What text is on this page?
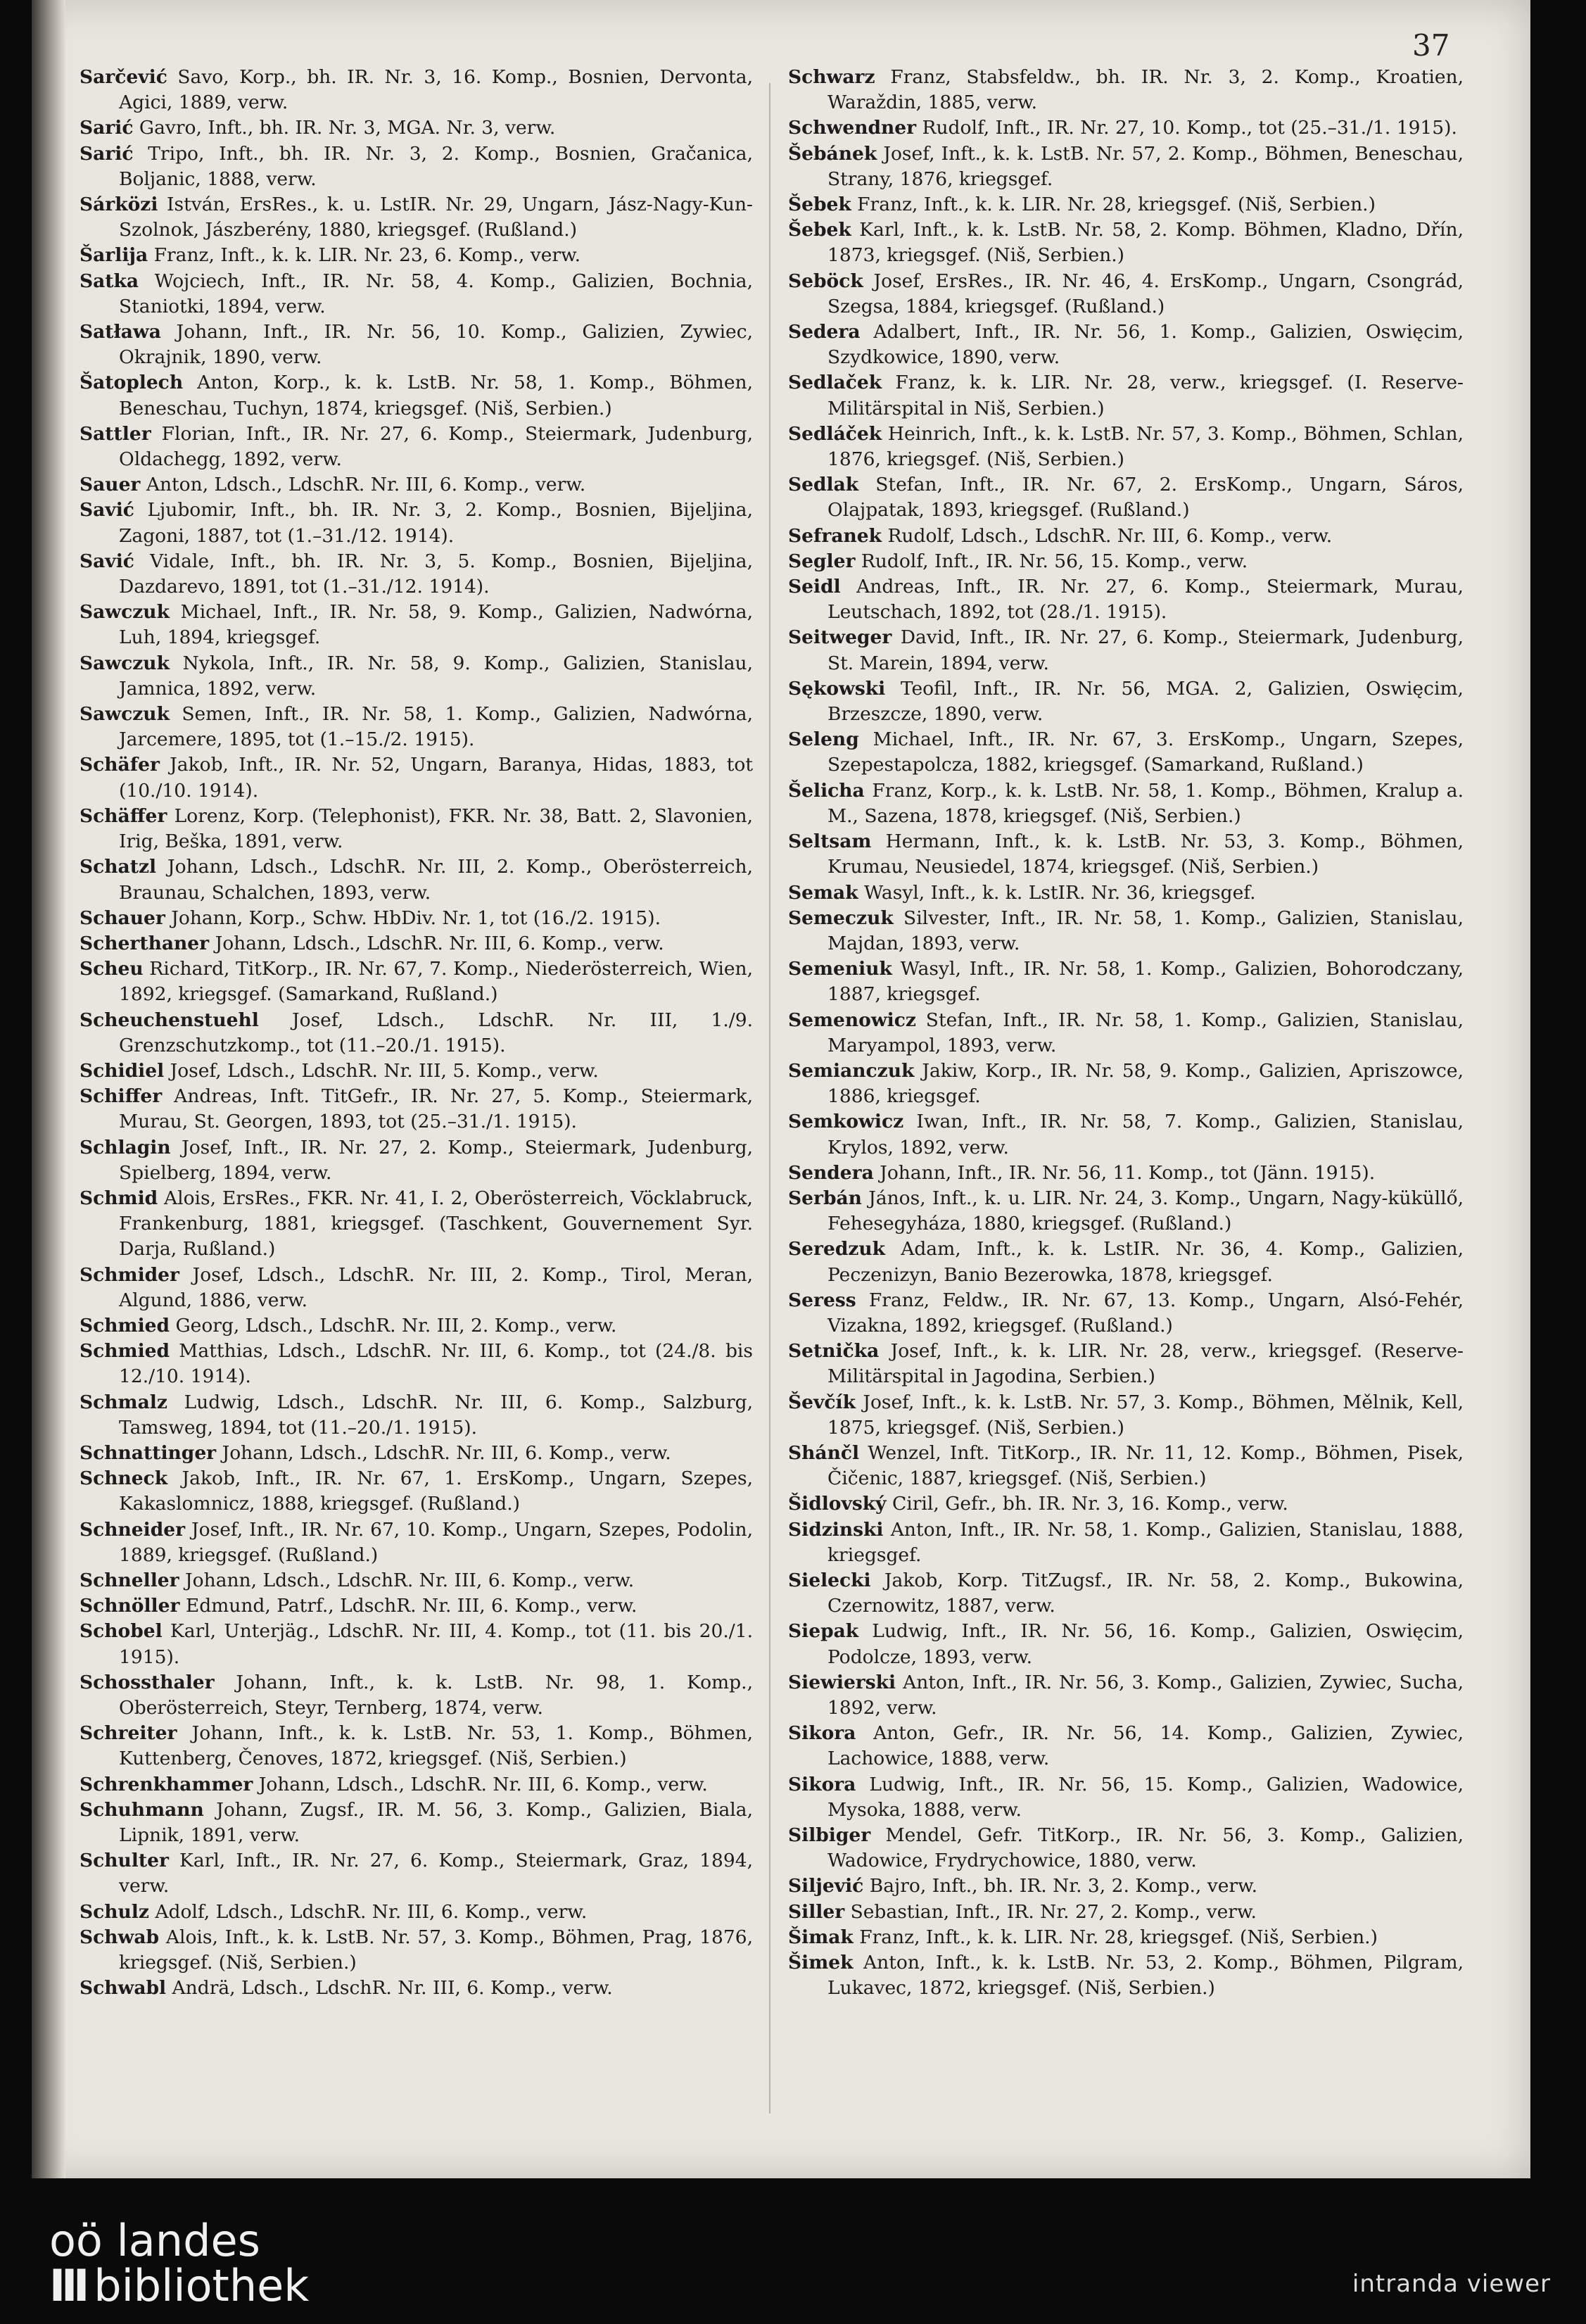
37

Sarčević Savo, Korp., bh. IR. Nr. 3, 16. Komp., Bosnien, Dervonta, Agici, 1889, verw.

Sarić Gavro, Inft., bh. IR. Nr. 3, MGA. Nr. 3, verw.

Sarić Tripo, Inft., bh. IR. Nr. 3, 2. Komp., Bosnien, Gračanica, Boljanic, 1888, verw.

Sárközi István, ErsRes., k. u. LstIR. Nr. 29, Ungarn, Jász-Nagy-Kun-Szolnok, Jászberény, 1880, kriegsgef. (Rußland.)

Šarlija Franz, Inft., k. k. LIR. Nr. 23, 6. Komp., verw.

Satka Wojciech, Inft., IR. Nr. 58, 4. Komp., Galizien, Bochnia, Staniotki, 1894, verw.

Satława Johann, Inft., IR. Nr. 56, 10. Komp., Galizien, Zywiec, Okrajnik, 1890, verw.

Šatoplech Anton, Korp., k. k. LstB. Nr. 58, 1. Komp., Böhmen, Beneschau, Tuchyn, 1874, kriegsgef. (Niš, Serbien.)

Sattler Florian, Inft., IR. Nr. 27, 6. Komp., Steiermark, Judenburg, Oldachegg, 1892, verw.

Sauer Anton, Ldsch., LdschR. Nr. III, 6. Komp., verw.

Savić Ljubomir, Inft., bh. IR. Nr. 3, 2. Komp., Bosnien, Bijeljina, Zagoni, 1887, tot (1.–31./12. 1914).

Savić Vidale, Inft., bh. IR. Nr. 3, 5. Komp., Bosnien, Bijeljina, Dazdarevo, 1891, tot (1.–31./12. 1914).

Sawczuk Michael, Inft., IR. Nr. 58, 9. Komp., Galizien, Nadwórna, Luh, 1894, kriegsgef.

Sawczuk Nykola, Inft., IR. Nr. 58, 9. Komp., Galizien, Stanislau, Jamnica, 1892, verw.

Sawczuk Semen, Inft., IR. Nr. 58, 1. Komp., Galizien, Nadwórna, Jarcemere, 1895, tot (1.–15./2. 1915).

Schäfer Jakob, Inft., IR. Nr. 52, Ungarn, Baranya, Hidas, 1883, tot (10./10. 1914).

Schäffer Lorenz, Korp. (Telephonist), FKR. Nr. 38, Batt. 2, Slavonien, Irig, Beška, 1891, verw.

Schatzl Johann, Ldsch., LdschR. Nr. III, 2. Komp., Oberösterreich, Braunau, Schalchen, 1893, verw.

Schauer Johann, Korp., Schw. HbDiv. Nr. 1, tot (16./2. 1915).

Scherthaner Johann, Ldsch., LdschR. Nr. III, 6. Komp., verw.

Scheu Richard, TitKorp., IR. Nr. 67, 7. Komp., Niederösterreich, Wien, 1892, kriegsgef. (Samarkand, Rußland.)

Scheuchenstuehl Josef, Ldsch., LdschR. Nr. III, 1./9. Grenzschutzkomp., tot (11.–20./1. 1915).

Schidiel Josef, Ldsch., LdschR. Nr. III, 5. Komp., verw.

Schiffer Andreas, Inft. TitGefr., IR. Nr. 27, 5. Komp., Steiermark, Murau, St. Georgen, 1893, tot (25.–31./1. 1915).

Schlagin Josef, Inft., IR. Nr. 27, 2. Komp., Steiermark, Judenburg, Spielberg, 1894, verw.

Schmid Alois, ErsRes., FKR. Nr. 41, I. 2, Oberösterreich, Vöcklabruck, Frankenburg, 1881, kriegsgef. (Taschkent, Gouvernement Syr. Darja, Rußland.)

Schmider Josef, Ldsch., LdschR. Nr. III, 2. Komp., Tirol, Meran, Algund, 1886, verw.

Schmied Georg, Ldsch., LdschR. Nr. III, 2. Komp., verw.

Schmied Matthias, Ldsch., LdschR. Nr. III, 6. Komp., tot (24./8. bis 12./10. 1914).

Schmalz Ludwig, Ldsch., LdschR. Nr. III, 6. Komp., Salzburg, Tamsweg, 1894, tot (11.–20./1. 1915).

Schnattinger Johann, Ldsch., LdschR. Nr. III, 6. Komp., verw.

Schneck Jakob, Inft., IR. Nr. 67, 1. ErsKomp., Ungarn, Szepes, Kakaslomnicz, 1888, kriegsgef. (Rußland.)

Schneider Josef, Inft., IR. Nr. 67, 10. Komp., Ungarn, Szepes, Podolin, 1889, kriegsgef. (Rußland.)

Schneller Johann, Ldsch., LdschR. Nr. III, 6. Komp., verw.

Schnöller Edmund, Patrf., LdschR. Nr. III, 6. Komp., verw.

Schobel Karl, Unterjäg., LdschR. Nr. III, 4. Komp., tot (11. bis 20./1. 1915).

Schossthaler Johann, Inft., k. k. LstB. Nr. 98, 1. Komp., Oberösterreich, Steyr, Ternberg, 1874, verw.

Schreiter Johann, Inft., k. k. LstB. Nr. 53, 1. Komp., Böhmen, Kuttenberg, Čenoves, 1872, kriegsgef. (Niš, Serbien.)

Schrenkhammer Johann, Ldsch., LdschR. Nr. III, 6. Komp., verw.

Schuhmann Johann, Zugsf., IR. M. 56, 3. Komp., Galizien, Biala, Lipnik, 1891, verw.

Schulter Karl, Inft., IR. Nr. 27, 6. Komp., Steiermark, Graz, 1894, verw.

Schulz Adolf, Ldsch., LdschR. Nr. III, 6. Komp., verw.

Schwab Alois, Inft., k. k. LstB. Nr. 57, 3. Komp., Böhmen, Prag, 1876, kriegsgef. (Niš, Serbien.)

Schwabl Andrä, Ldsch., LdschR. Nr. III, 6. Komp., verw.

Schwarz Franz, Stabsfeldw., bh. IR. Nr. 3, 2. Komp., Kroatien, Waraždin, 1885, verw.

Schwendner Rudolf, Inft., IR. Nr. 27, 10. Komp., tot (25.–31./1. 1915).

Šebánek Josef, Inft., k. k. LstB. Nr. 57, 2. Komp., Böhmen, Beneschau, Strany, 1876, kriegsgef.

Šebek Franz, Inft., k. k. LIR. Nr. 28, kriegsgef. (Niš, Serbien.)

Šebek Karl, Inft., k. k. LstB. Nr. 58, 2. Komp. Böhmen, Kladno, Dřín, 1873, kriegsgef. (Niš, Serbien.)

Seböck Josef, ErsRes., IR. Nr. 46, 4. ErsKomp., Ungarn, Csongrád, Szegsa, 1884, kriegsgef. (Rußland.)

Sedera Adalbert, Inft., IR. Nr. 56, 1. Komp., Galizien, Oswięcim, Szydkowice, 1890, verw.

Sedlaček Franz, k. k. LIR. Nr. 28, verw., kriegsgef. (I. Reserve-Militärspital in Niš, Serbien.)

Sedláček Heinrich, Inft., k. k. LstB. Nr. 57, 3. Komp., Böhmen, Schlan, 1876, kriegsgef. (Niš, Serbien.)

Sedlak Stefan, Inft., IR. Nr. 67, 2. ErsKomp., Ungarn, Sáros, Olajpatak, 1893, kriegsgef. (Rußland.)

Sefranek Rudolf, Ldsch., LdschR. Nr. III, 6. Komp., verw.

Segler Rudolf, Inft., IR. Nr. 56, 15. Komp., verw.

Seidl Andreas, Inft., IR. Nr. 27, 6. Komp., Steiermark, Murau, Leutschach, 1892, tot (28./1. 1915).

Seitweger David, Inft., IR. Nr. 27, 6. Komp., Steiermark, Judenburg, St. Marein, 1894, verw.

Sękowski Teofil, Inft., IR. Nr. 56, MGA. 2, Galizien, Oswięcim, Brzeszcze, 1890, verw.

Seleng Michael, Inft., IR. Nr. 67, 3. ErsKomp., Ungarn, Szepes, Szepestapolcza, 1882, kriegsgef. (Samarkand, Rußland.)

Šelicha Franz, Korp., k. k. LstB. Nr. 58, 1. Komp., Böhmen, Kralup a. M., Sazena, 1878, kriegsgef. (Niš, Serbien.)

Seltsam Hermann, Inft., k. k. LstB. Nr. 53, 3. Komp., Böhmen, Krumau, Neusiedel, 1874, kriegsgef. (Niš, Serbien.)

Semak Wasyl, Inft., k. k. LstIR. Nr. 36, kriegsgef.

Semeczuk Silvester, Inft., IR. Nr. 58, 1. Komp., Galizien, Stanislau, Majdan, 1893, verw.

Semeniuk Wasyl, Inft., IR. Nr. 58, 1. Komp., Galizien, Bohorodczany, 1887, kriegsgef.

Semenowicz Stefan, Inft., IR. Nr. 58, 1. Komp., Galizien, Stanislau, Maryampol, 1893, verw.

Semianczuk Jakiw, Korp., IR. Nr. 58, 9. Komp., Galizien, Apriszowce, 1886, kriegsgef.

Semkowicz Iwan, Inft., IR. Nr. 58, 7. Komp., Galizien, Stanislau, Krylos, 1892, verw.

Sendera Johann, Inft., IR. Nr. 56, 11. Komp., tot (Jänn. 1915).

Serbán János, Inft., k. u. LIR. Nr. 24, 3. Komp., Ungarn, Nagy-küküllő, Fehesegyháza, 1880, kriegsgef. (Rußland.)

Seredzuk Adam, Inft., k. k. LstIR. Nr. 36, 4. Komp., Galizien, Peczenizyn, Banio Bezerowka, 1878, kriegsgef.

Seress Franz, Feldw., IR. Nr. 67, 13. Komp., Ungarn, Alsó-Fehér, Vizakna, 1892, kriegsgef. (Rußland.)

Setnička Josef, Inft., k. k. LIR. Nr. 28, verw., kriegsgef. (Reserve-Militärspital in Jagodina, Serbien.)

Ševčík Josef, Inft., k. k. LstB. Nr. 57, 3. Komp., Böhmen, Mělnik, Kell, 1875, kriegsgef. (Niš, Serbien.)

Shánčl Wenzel, Inft. TitKorp., IR. Nr. 11, 12. Komp., Böhmen, Pisek, Čičenic, 1887, kriegsgef. (Niš, Serbien.)

Šidlovský Ciril, Gefr., bh. IR. Nr. 3, 16. Komp., verw.

Sidzinski Anton, Inft., IR. Nr. 58, 1. Komp., Galizien, Stanislau, 1888, kriegsgef.

Sielecki Jakob, Korp. TitZugsf., IR. Nr. 58, 2. Komp., Bukowina, Czernowitz, 1887, verw.

Siepak Ludwig, Inft., IR. Nr. 56, 16. Komp., Galizien, Oswięcim, Podolcze, 1893, verw.

Siewierski Anton, Inft., IR. Nr. 56, 3. Komp., Galizien, Zywiec, Sucha, 1892, verw.

Sikora Anton, Gefr., IR. Nr. 56, 14. Komp., Galizien, Zywiec, Lachowice, 1888, verw.

Sikora Ludwig, Inft., IR. Nr. 56, 15. Komp., Galizien, Wadowice, Mysoka, 1888, verw.

Silbiger Mendel, Gefr. TitKorp., IR. Nr. 56, 3. Komp., Galizien, Wadowice, Frydrychowice, 1880, verw.

Siljević Bajro, Inft., bh. IR. Nr. 3, 2. Komp., verw.

Siller Sebastian, Inft., IR. Nr. 27, 2. Komp., verw.

Šimak Franz, Inft., k. k. LIR. Nr. 28, kriegsgef. (Niš, Serbien.)

Šimek Anton, Inft., k. k. LstB. Nr. 53, 2. Komp., Böhmen, Pilgram, Lukavec, 1872, kriegsgef. (Niš, Serbien.)

oö landes
III bibliothek	intranda viewer
